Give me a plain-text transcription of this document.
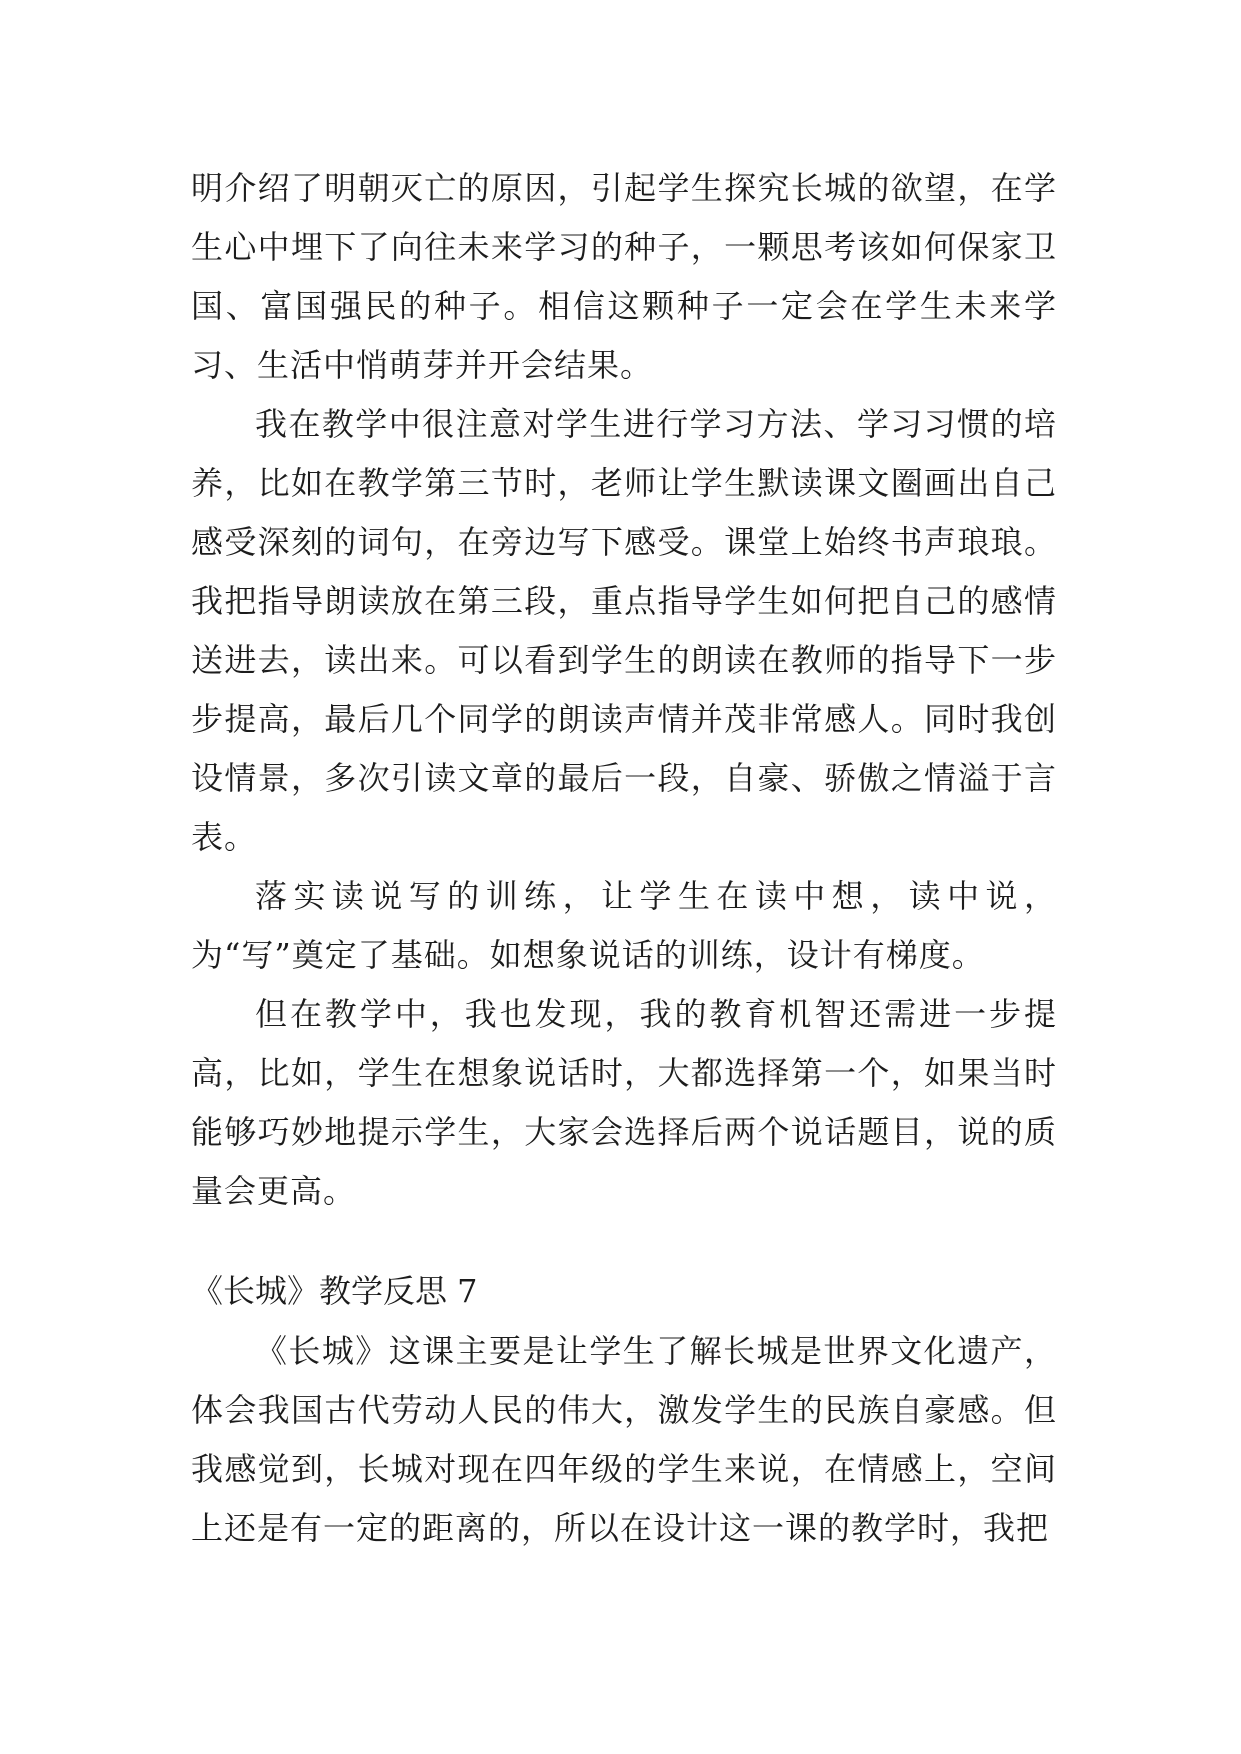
明介绍了明朝灭亡的原因，引起学生探究长城的欲望，在学生心中埋下了向往未来学习的种子，一颗思考该如何保家卫国、富国强民的种子。相信这颗种子一定会在学生未来学习、生活中悄萌芽并开会结果。

我在教学中很注意对学生进行学习方法、学习习惯的培养，比如在教学第三节时，老师让学生默读课文圈画出自己感受深刻的词句，在旁边写下感受。课堂上始终书声琅琅。我把指导朗读放在第三段，重点指导学生如何把自己的感情送进去，读出来。可以看到学生的朗读在教师的指导下一步步提高，最后几个同学的朗读声情并茂非常感人。同时我创设情景，多次引读文章的最后一段，自豪、骄傲之情溢于言表。

落实读说写的训练，让学生在读中想，读中说，为“写”奠定了基础。如想象说话的训练，设计有梯度。

但在教学中，我也发现，我的教育机智还需进一步提高，比如，学生在想象说话时，大都选择第一个，如果当时能够巧妙地提示学生，大家会选择后两个说话题目，说的质量会更高。

《长城》教学反思 7

《长城》这课主要是让学生了解长城是世界文化遗产，体会我国古代劳动人民的伟大，激发学生的民族自豪感。但我感觉到，长城对现在四年级的学生来说，在情感上，空间上还是有一定的距离的，所以在设计这一课的教学时，我把
